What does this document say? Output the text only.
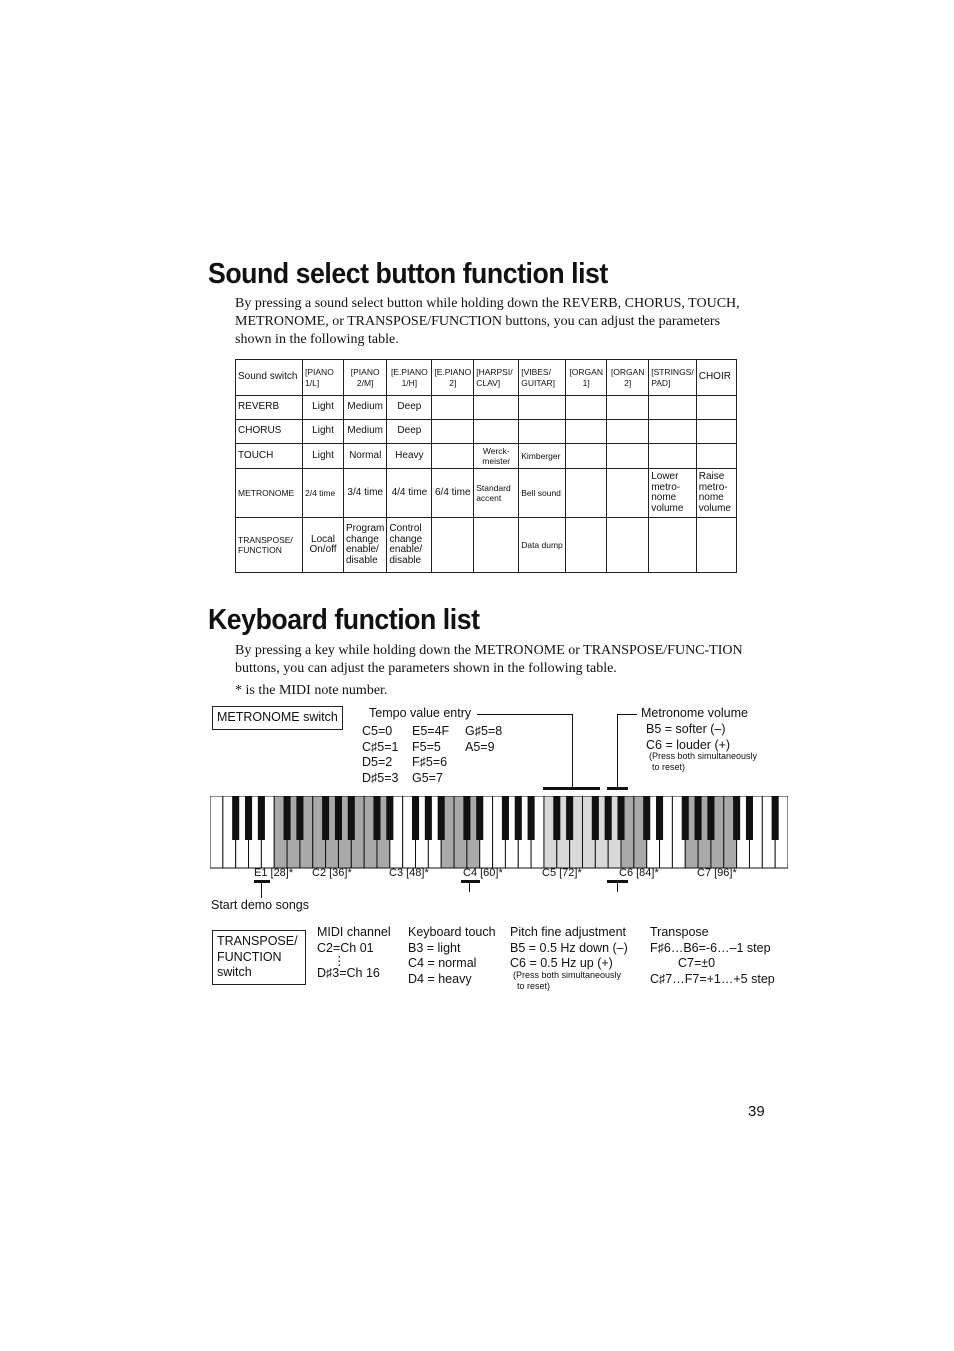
Sound select button function list
By pressing a sound select button while holding down the REVERB, CHORUS, TOUCH, METRONOME, or TRANSPOSE/FUNCTION buttons, you can adjust the parameters shown in the following table.
Sound switch	[PIANO 1/L]	[PIANO 2/M]	[E.PIANO 1/H]	[E.PIANO 2]	[HARPSI/ CLAV]	[VIBES/ GUITAR]	[ORGAN 1]	[ORGAN 2]	[STRINGS/ PAD]	CHOIR
REVERB	Light	Medium	Deep							
CHORUS	Light	Medium	Deep							
TOUCH	Light	Normal	Heavy		Werck-meister	Kimberger				
METRONOME	2/4 time	3/4 time	4/4 time	6/4 time	Standard accent	Bell sound			Lower metro-nome volume	Raise metro-nome volume
TRANSPOSE/ FUNCTION	Local On/off	Program change enable/ disable	Control change enable/ disable			Data dump				
Keyboard function list
By pressing a key while holding down the METRONOME or TRANSPOSE/FUNC-TION buttons, you can adjust the parameters shown in the following table.
* is the MIDI note number.
METRONOME switch	Tempo value entry
C5=0
C♯5=1
D5=2
D♯5=3
E5=4F
F5=5
F♯5=6
G5=7
G♯5=8
A5=9
Metronome volume
B5 = softer (–)
C6 = louder (+)
(Press both simultaneously
to reset)
E1 [28]* C2 [36]*	C3 [48]*	C4 [60]*	C5 [72]*	C6 [84]*	C7 [96]*
Start demo songs
TRANSPOSE/ FUNCTION switch
MIDI channel
C2=Ch 01
⋮
D♯3=Ch 16
Keyboard touch
B3 = light
C4 = normal
D4 = heavy
Pitch fine adjustment
B5 = 0.5 Hz down (–)
C6 = 0.5 Hz up (+)
(Press both simultaneously
to reset)
Transpose
F♯6…B6=-6…–1 step
C7=±0
C♯7…F7=+1…+5 step
39
